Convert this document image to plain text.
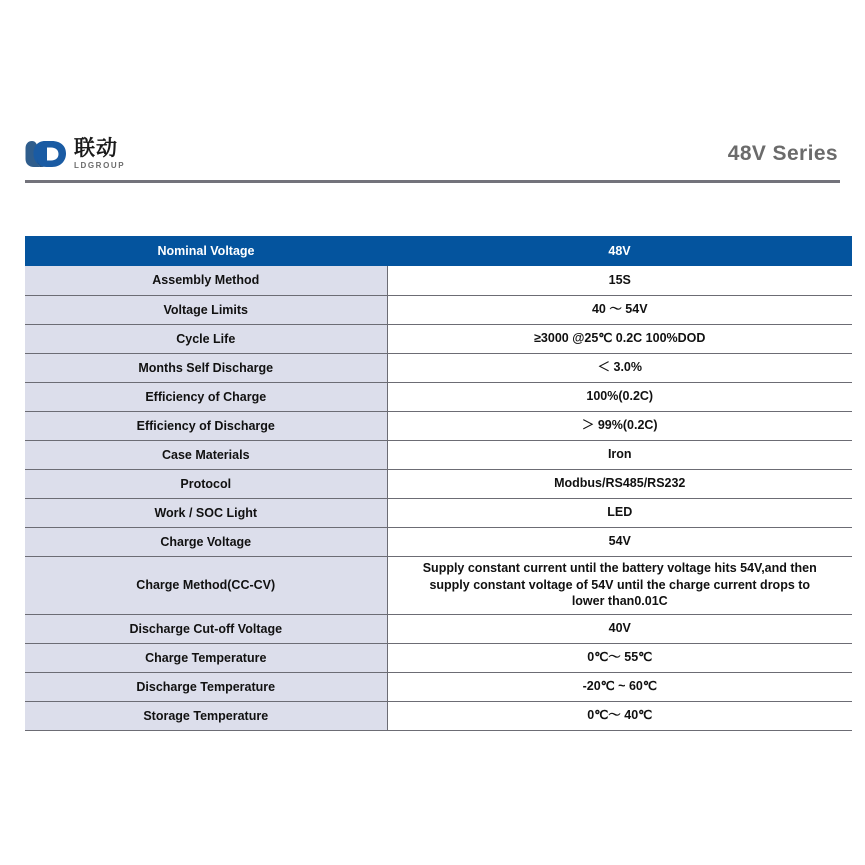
联动
LDGROUP
48V Series
Nominal Voltage	48V
Assembly Method	15S
Voltage Limits	40 ～ 54V
Cycle Life	≥3000 @25℃ 0.2C 100%DOD
Months Self Discharge	＜ 3.0%
Efficiency of Charge	100%(0.2C)
Efficiency of Discharge	＞ 99%(0.2C)
Case Materials	Iron
Protocol	Modbus/RS485/RS232
Work / SOC Light	LED
Charge Voltage	54V
Charge Method(CC-CV)	Supply constant current until the battery voltage hits 54V,and then supply constant voltage of 54V until the charge current drops to lower than0.01C
Discharge Cut-off Voltage	40V
Charge Temperature	0℃～ 55℃
Discharge Temperature	-20℃ ~ 60℃
Storage Temperature	0℃～ 40℃
